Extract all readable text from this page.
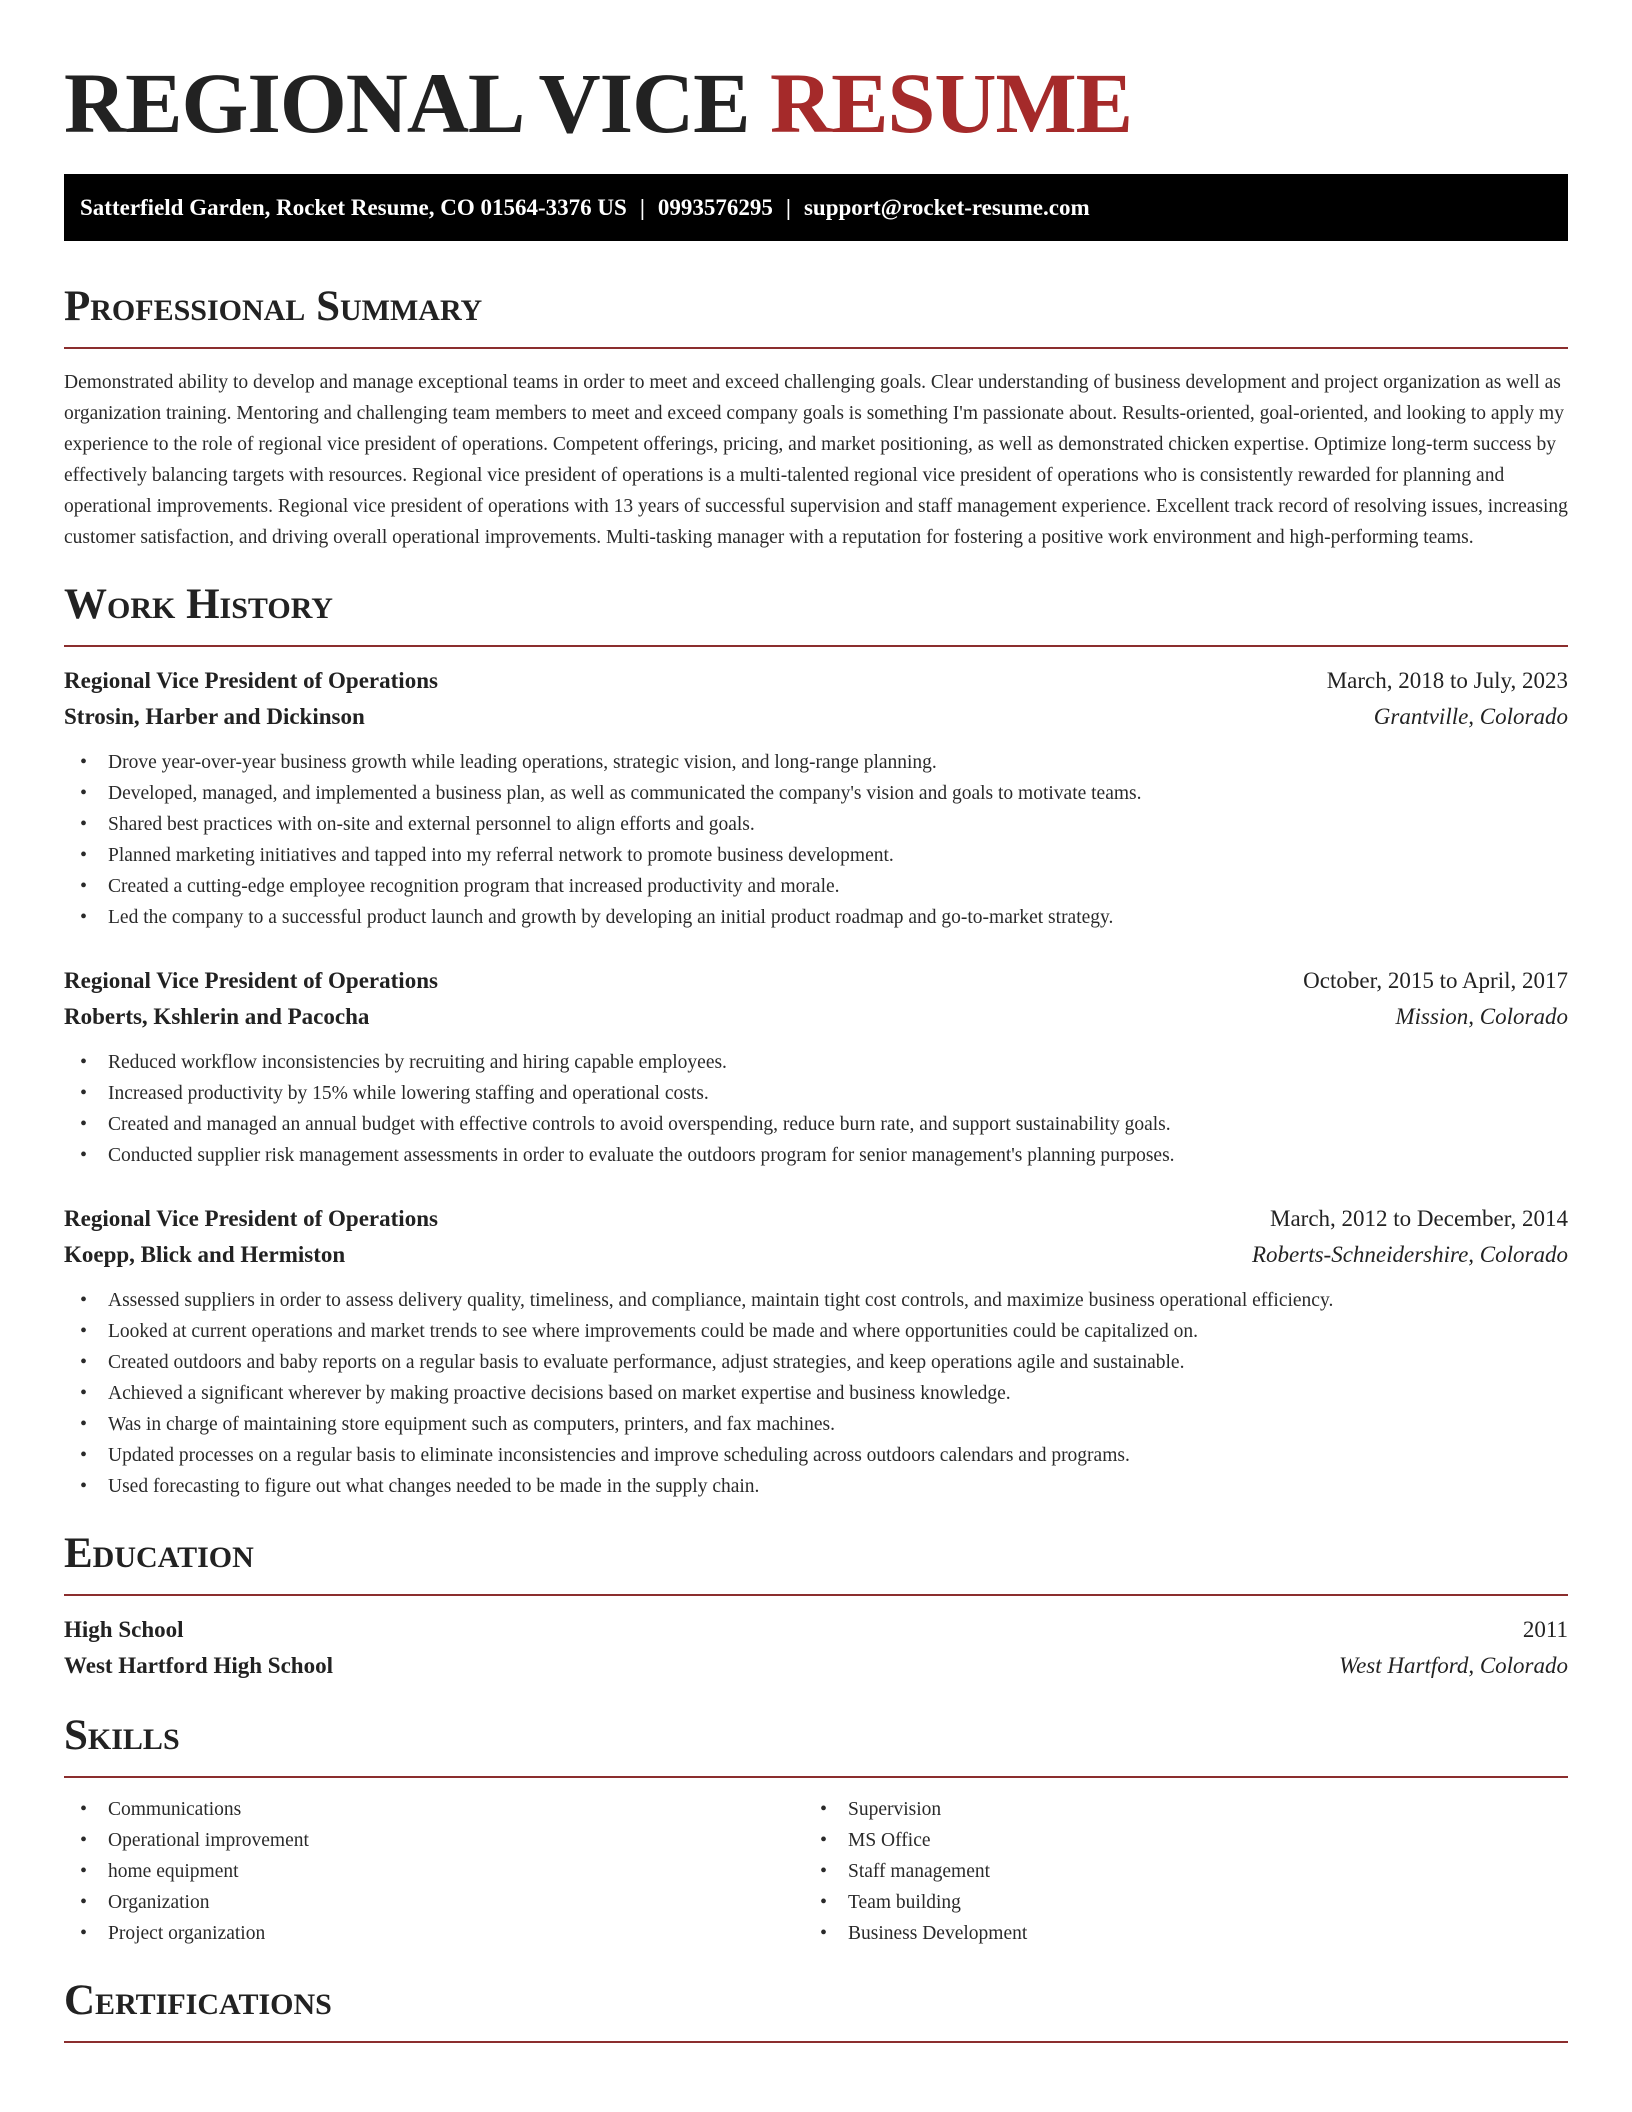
REGIONAL VICE RESUME
Satterfield Garden, Rocket Resume, CO 01564-3376 US | 0993576295 | support@rocket-resume.com
Professional Summary

Demonstrated ability to develop and manage exceptional teams in order to meet and exceed challenging goals. Clear understanding of business development and project organization as well as organization training. Mentoring and challenging team members to meet and exceed company goals is something I'm passionate about. Results-oriented, goal-oriented, and looking to apply my experience to the role of regional vice president of operations. Competent offerings, pricing, and market positioning, as well as demonstrated chicken expertise. Optimize long-term success by effectively balancing targets with resources. Regional vice president of operations is a multi-talented regional vice president of operations who is consistently rewarded for planning and operational improvements. Regional vice president of operations with 13 years of successful supervision and staff management experience. Excellent track record of resolving issues, increasing customer satisfaction, and driving overall operational improvements. Multi-tasking manager with a reputation for fostering a positive work environment and high-performing teams.

Work History
Regional Vice President of Operations	March, 2018 to July, 2023
Strosin, Harber and Dickinson	Grantville, Colorado
• Drove year-over-year business growth while leading operations, strategic vision, and long-range planning.
• Developed, managed, and implemented a business plan, as well as communicated the company's vision and goals to motivate teams.
• Shared best practices with on-site and external personnel to align efforts and goals.
• Planned marketing initiatives and tapped into my referral network to promote business development.
• Created a cutting-edge employee recognition program that increased productivity and morale.
• Led the company to a successful product launch and growth by developing an initial product roadmap and go-to-market strategy.
Regional Vice President of Operations	October, 2015 to April, 2017
Roberts, Kshlerin and Pacocha	Mission, Colorado
• Reduced workflow inconsistencies by recruiting and hiring capable employees.
• Increased productivity by 15% while lowering staffing and operational costs.
• Created and managed an annual budget with effective controls to avoid overspending, reduce burn rate, and support sustainability goals.
• Conducted supplier risk management assessments in order to evaluate the outdoors program for senior management's planning purposes.
Regional Vice President of Operations	March, 2012 to December, 2014
Koepp, Blick and Hermiston	Roberts-Schneidershire, Colorado
• Assessed suppliers in order to assess delivery quality, timeliness, and compliance, maintain tight cost controls, and maximize business operational efficiency.
• Looked at current operations and market trends to see where improvements could be made and where opportunities could be capitalized on.
• Created outdoors and baby reports on a regular basis to evaluate performance, adjust strategies, and keep operations agile and sustainable.
• Achieved a significant wherever by making proactive decisions based on market expertise and business knowledge.
• Was in charge of maintaining store equipment such as computers, printers, and fax machines.
• Updated processes on a regular basis to eliminate inconsistencies and improve scheduling across outdoors calendars and programs.
• Used forecasting to figure out what changes needed to be made in the supply chain.
Education
High School	2011
West Hartford High School	West Hartford, Colorado
Skills
• Communications
• Operational improvement
• home equipment
• Organization
• Project organization
• Supervision
• MS Office
• Staff management
• Team building
• Business Development
Certifications
